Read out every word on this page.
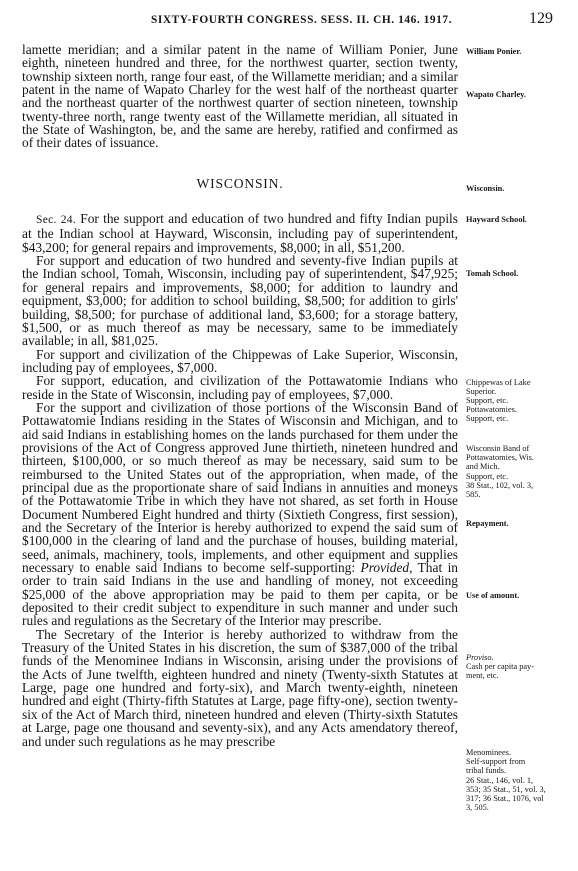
SIXTY-FOURTH CONGRESS. SESS. II. CH. 146. 1917.	129

lamette meridian; and a similar patent in the name of William Ponier, June eighth, nineteen hundred and three, for the northwest quarter, section twenty, township sixteen north, range four east, of the Willamette meridian; and a similar patent in the name of Wapato Charley for the west half of the northeast quarter and the northeast quarter of the northwest quarter of section nineteen, township twenty-three north, range twenty east of the Willamette meridian, all situated in the State of Washington, be, and the same are hereby, ratified and confirmed as of their dates of issuance.

WISCONSIN.

Sec. 24. For the support and education of two hundred and fifty Indian pupils at the Indian school at Hayward, Wisconsin, including pay of superintendent, $43,200; for general repairs and improvements, $8,000; in all, $51,200.

For support and education of two hundred and seventy-five Indian pupils at the Indian school, Tomah, Wisconsin, including pay of superintendent, $47,925; for general repairs and improvements, $8,000; for addition to laundry and equipment, $3,000; for addition to school building, $8,500; for addition to girls' building, $8,500; for purchase of additional land, $3,600; for a storage battery, $1,500, or as much thereof as may be necessary, same to be immediately available; in all, $81,025.

For support and civilization of the Chippewas of Lake Superior, Wisconsin, including pay of employees, $7,000.

For support, education, and civilization of the Pottawatomie Indians who reside in the State of Wisconsin, including pay of employees, $7,000.

For the support and civilization of those portions of the Wisconsin Band of Pottawatomie Indians residing in the States of Wisconsin and Michigan, and to aid said Indians in establishing homes on the lands purchased for them under the provisions of the Act of Congress approved June thirtieth, nineteen hundred and thirteen, $100,000, or so much thereof as may be necessary, said sum to be reimbursed to the United States out of the appropriation, when made, of the principal due as the proportionate share of said Indians in annuities and moneys of the Pottawatomie Tribe in which they have not shared, as set forth in House Document Numbered Eight hundred and thirty (Sixtieth Congress, first session), and the Secretary of the Interior is hereby authorized to expend the said sum of $100,000 in the clearing of land and the purchase of houses, building material, seed, animals, machinery, tools, implements, and other equipment and supplies necessary to enable said Indians to become self-supporting: Provided, That in order to train said Indians in the use and handling of money, not exceeding $25,000 of the above appropriation may be paid to them per capita, or be deposited to their credit subject to expenditure in such manner and under such rules and regulations as the Secretary of the Interior may prescribe.

The Secretary of the Interior is hereby authorized to withdraw from the Treasury of the United States in his discretion, the sum of $387,000 of the tribal funds of the Menominee Indians in Wisconsin, arising under the provisions of the Acts of June twelfth, eighteen hundred and ninety (Twenty-sixth Statutes at Large, page one hundred and forty-six), and March twenty-eighth, nineteen hundred and eight (Thirty-fifth Statutes at Large, page fifty-one), section twenty-six of the Act of March third, nineteen hundred and eleven (Thirty-sixth Statutes at Large, page one thousand and seventy-six), and any Acts amendatory thereof, and under such regulations as he may prescribe

William Ponier.
Wapato Charley.
Wisconsin.
Hayward School.
Tomah School.
Chippewas of Lake
Superior.
Support, etc.
Pottawatomies.
Support, etc.
Wisconsin Band of
Pottawatomies, Wis.
and Mich.
Support, etc.
38 Stat., 102, vol. 3,
585.
Repayment.
Use of amount.
Proviso.
Cash per capita pay-
ment, etc.
Menominees.
Self-support from
tribal funds.
26 Stat., 146, vol. 1,
353; 35 Stat., 51, vol. 3,
317; 36 Stat., 1076, vol
3, 505.
